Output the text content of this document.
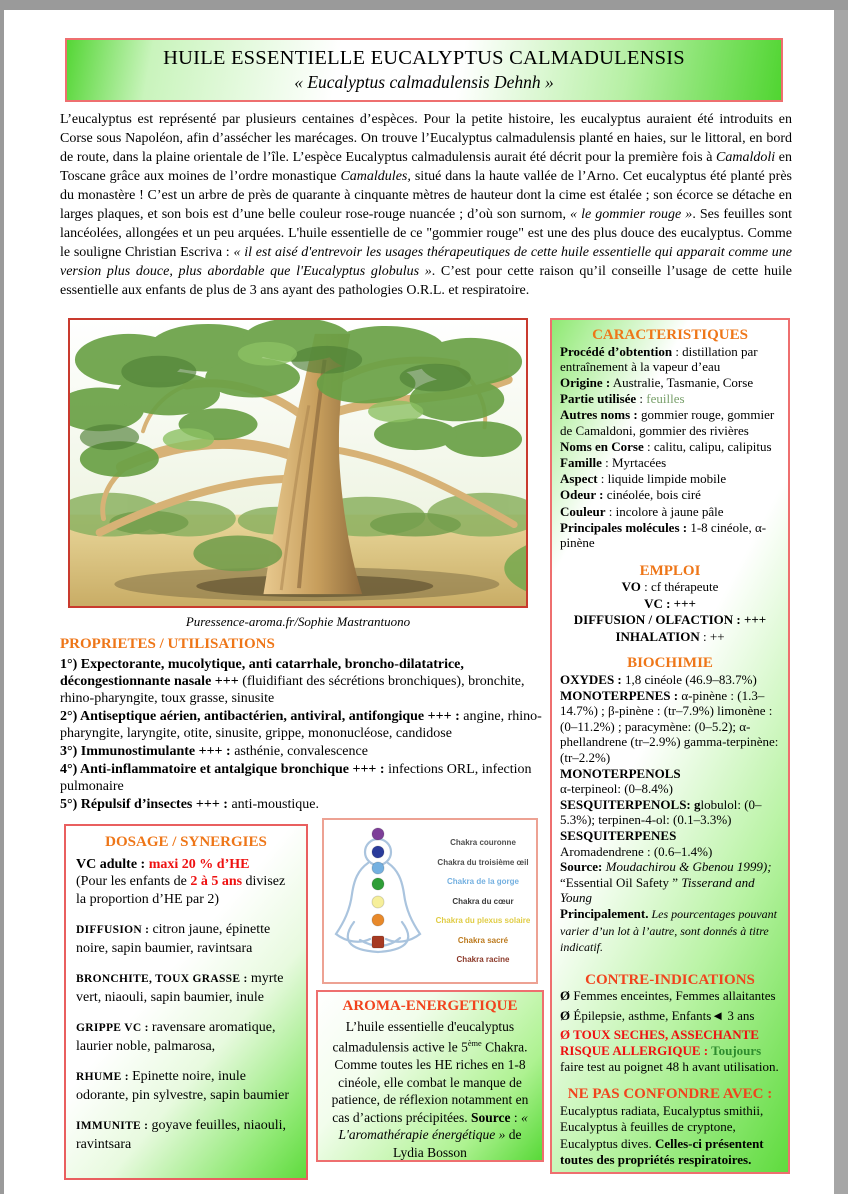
HUILE ESSENTIELLE EUCALYPTUS CALMADULENSIS
« Eucalyptus calmadulensis Dehnh »

L’eucalyptus est représenté par plusieurs centaines d’espèces. Pour la petite histoire, les eucalyptus auraient été introduits en Corse sous Napoléon, afin d’assécher les marécages. On trouve l’Eucalyptus calmadulensis planté en haies, sur le littoral, en bord de route, dans la plaine orientale de l’île. L’espèce Eucalyptus calmadulensis aurait été décrit pour la première fois à Camaldoli en Toscane grâce aux moines de l’ordre monastique Camaldules, situé dans la haute vallée de l’Arno. Cet eucalyptus été planté près du monastère ! C’est un arbre de près de quarante à cinquante mètres de hauteur dont la cime est étalée ; son écorce se détache en larges plaques, et son bois est d’une belle couleur rose-rouge nuancée ; d’où son surnom, « le gommier rouge ». Ses feuilles sont lancéolées, allongées et un peu arquées. L'huile essentielle de ce "gommier rouge" est une des plus douce des eucalyptus. Comme le souligne Christian Escriva : « il est aisé d'entrevoir les usages thérapeutiques de cette huile essentielle qui apparait comme une version plus douce, plus abordable que l'Eucalyptus globulus ». C’est pour cette raison qu’il conseille l’usage de cette huile essentielle aux enfants de plus de 3 ans ayant des pathologies O.R.L. et respiratoire.

Puressence-aroma.fr/Sophie Mastrantuono
PROPRIETES / UTILISATIONS
1°) Expectorante, mucolytique, anti catarrhale, broncho-dilatatrice, décongestionnante nasale +++ (fluidifiant des sécrétions bronchiques), bronchite, rhino-pharyngite, toux grasse, sinusite
2°) Antiseptique aérien, antibactérien, antiviral, antifongique +++ : angine, rhino-pharyngite, laryngite, otite, sinusite, grippe, mononucléose, candidose
3°) Immunostimulante +++ : asthénie, convalescence
4°) Anti-inflammatoire et antalgique bronchique +++ : infections ORL, infection pulmonaire
5°) Répulsif d’insectes +++ : anti-moustique.
DOSAGE / SYNERGIES
VC adulte : maxi 20 % d’HE
(Pour les enfants de 2 à 5 ans divisez la proportion d’HE par 2)
DIFFUSION : citron jaune, épinette noire, sapin baumier, ravintsara
BRONCHITE, TOUX GRASSE : myrte vert, niaouli, sapin baumier, inule
GRIPPE VC : ravensare aromatique, laurier noble, palmarosa,
RHUME : Epinette noire, inule odorante, pin sylvestre, sapin baumier
IMMUNITE : goyave feuilles, niaouli, ravintsara
Chakra couronne
Chakra du troisième œil
Chakra de la gorge
Chakra du cœur
Chakra du plexus solaire
Chakra sacré
Chakra racine
AROMA-ENERGETIQUE
L’huile essentielle d'eucalyptus calmadulensis active le 5ème Chakra. Comme toutes les HE riches en 1-8 cinéole, elle combat le manque de patience, de réflexion notamment en cas d’actions précipitées. Source : « L'aromathérapie énergétique » de Lydia Bosson
CARACTERISTIQUES
Procédé d’obtention : distillation par entraînement à la vapeur d’eau
Origine : Australie, Tasmanie, Corse
Partie utilisée : feuilles
Autres noms : gommier rouge, gommier de Camaldoni, gommier des rivières
Noms en Corse : calitu, calipu, calipitus
Famille : Myrtacées
Aspect : liquide limpide mobile
Odeur : cinéolée, bois ciré
Couleur : incolore à jaune pâle
Principales molécules : 1-8 cinéole, α-pinène
EMPLOI
VO : cf thérapeute
VC : +++
DIFFUSION / OLFACTION : +++
INHALATION : ++
BIOCHIMIE
OXYDES : 1,8 cinéole (46.9–83.7%)
MONOTERPENES : α-pinène : (1.3–14.7%) ; β-pinène : (tr–7.9%) limonène : (0–11.2%) ; paracymène: (0–5.2); α-phellandrene (tr–2.9%) gamma-terpinène: (tr–2.2%)
MONOTERPENOLS
α-terpineol: (0–8.4%)
SESQUITERPENOLS: globulol: (0–5.3%); terpinen-4-ol: (0.1–3.3%)
SESQUITERPENES
Aromadendrene : (0.6–1.4%)
Source: Moudachirou & Gbenou 1999); “Essential Oil Safety ” Tisserand and Young
Principalement. Les pourcentages pouvant varier d’un lot à l’autre, sont donnés à titre indicatif.
CONTRE-INDICATIONS
Ø Femmes enceintes, Femmes allaitantes
Ø Épilepsie, asthme, Enfants◄ 3 ans
Ø TOUX SECHES, ASSECHANTE RISQUE ALLERGIQUE : Toujours faire test au poignet 48 h avant utilisation.
NE PAS CONFONDRE AVEC :
Eucalyptus radiata, Eucalyptus smithii, Eucalyptus à feuilles de cryptone, Eucalyptus dives. Celles-ci présentent toutes des propriétés respiratoires.
